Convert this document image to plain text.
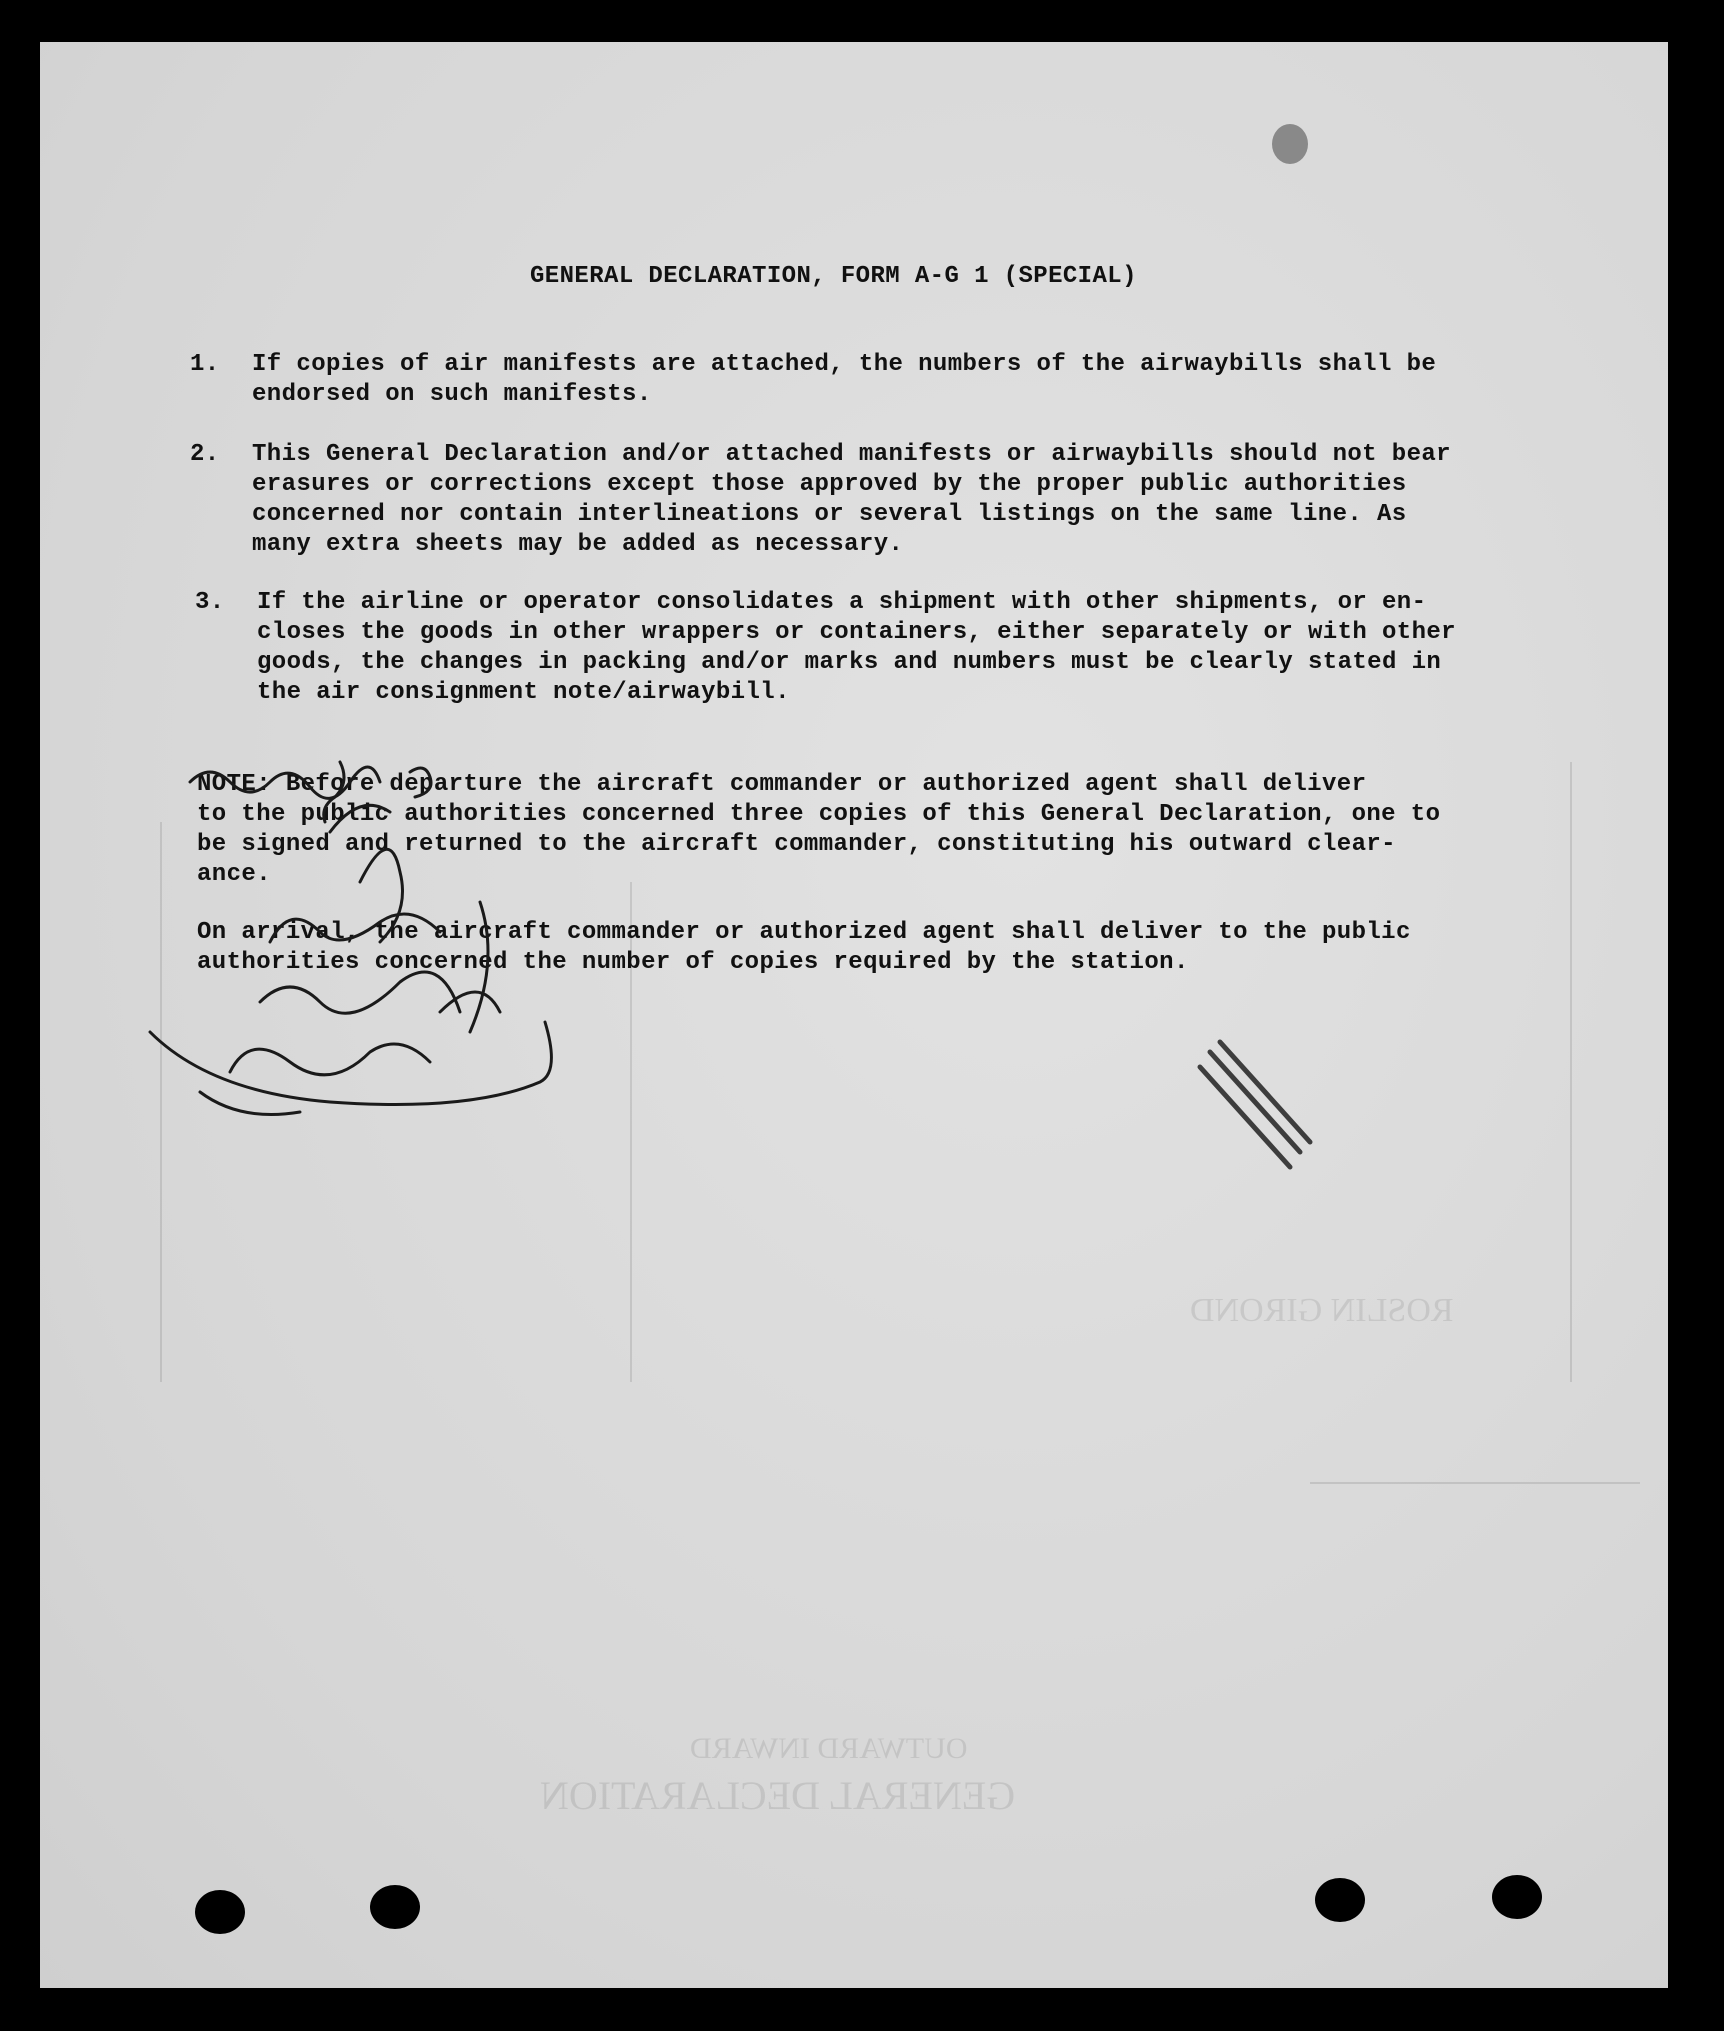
ROSLIN GIROND
GENERAL DECLARATION
OUTWARD INWARD
GENERAL DECLARATION, FORM A-G 1 (SPECIAL)
1.	If copies of air manifests are attached, the numbers of the airwaybills shall be
endorsed on such manifests.
2.	This General Declaration and/or attached manifests or airwaybills should not bear
erasures or corrections except those approved by the proper public authorities
concerned nor contain interlineations or several listings on the same line. As
many extra sheets may be added as necessary.
3.	If the airline or operator consolidates a shipment with other shipments, or en-
closes the goods in other wrappers or containers, either separately or with other
goods, the changes in packing and/or marks and numbers must be clearly stated in
the air consignment note/airwaybill.
NOTE: Before departure the aircraft commander or authorized agent shall deliver
to the public authorities concerned three copies of this General Declaration, one to
be signed and returned to the aircraft commander, constituting his outward clear-
ance.
On arrival, the aircraft commander or authorized agent shall deliver to the public
authorities concerned the number of copies required by the station.
